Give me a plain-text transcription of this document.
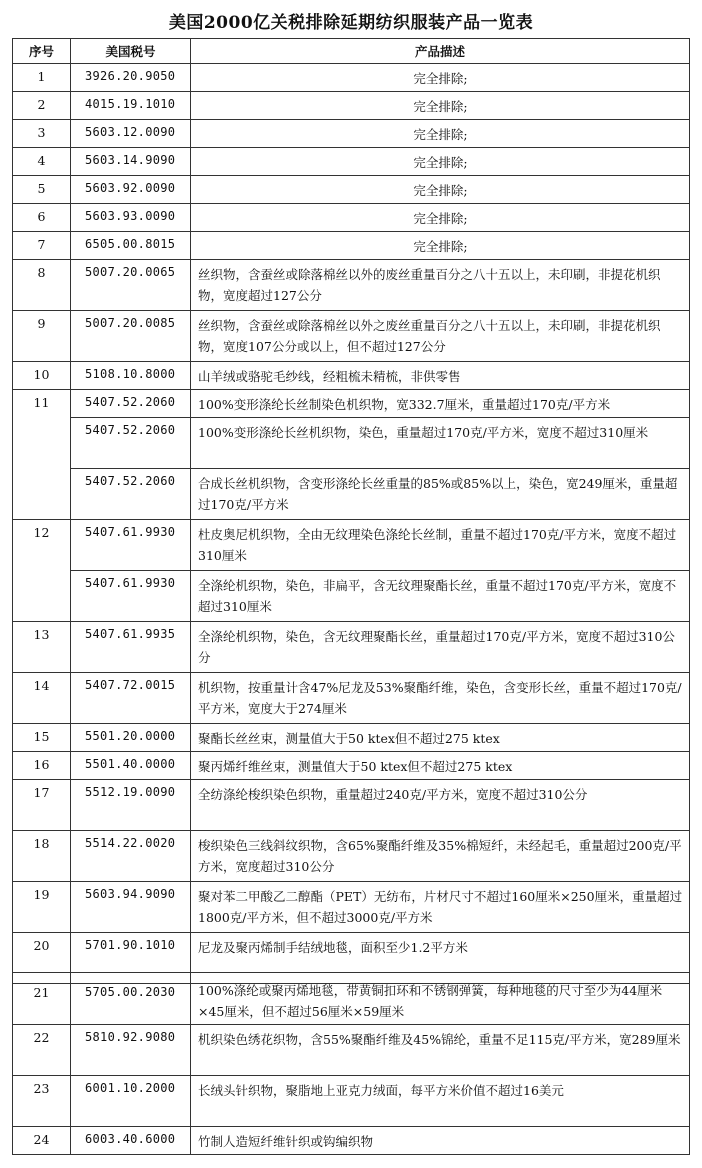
美国2000亿关税排除延期纺织服装产品一览表
序号	美国税号	产品描述
1	3926.20.9050	完全排除;
2	4015.19.1010	完全排除;
3	5603.12.0090	完全排除;
4	5603.14.9090	完全排除;
5	5603.92.0090	完全排除;
6	5603.93.0090	完全排除;
7	6505.00.8015	完全排除;
8	5007.20.0065	丝织物，含蚕丝或除落棉丝以外的废丝重量百分之八十五以上，未印刷，非提花机织物，宽度超过127公分
9	5007.20.0085	丝织物，含蚕丝或除落棉丝以外之废丝重量百分之八十五以上，未印刷，非提花机织物，宽度107公分或以上，但不超过127公分
10	5108.10.8000	山羊绒或骆驼毛纱线，经粗梳未精梳，非供零售
11	5407.52.2060	100%变形涤纶长丝制染色机织物，宽332.7厘米，重量超过170克/平方米
	5407.52.2060	100%变形涤纶长丝机织物，染色，重量超过170克/平方米，宽度不超过310厘米
	5407.52.2060	合成长丝机织物，含变形涤纶长丝重量的85%或85%以上，染色，宽249厘米，重量超过170克/平方米
12	5407.61.9930	杜皮奥尼机织物，全由无纹理染色涤纶长丝制，重量不超过170克/平方米，宽度不超过310厘米
	5407.61.9930	全涤纶机织物，染色，非扁平，含无纹理聚酯长丝，重量不超过170克/平方米，宽度不超过310厘米
13	5407.61.9935	全涤纶机织物，染色，含无纹理聚酯长丝，重量超过170克/平方米，宽度不超过310公分
14	5407.72.0015	机织物，按重量计含47%尼龙及53%聚酯纤维，染色，含变形长丝，重量不超过170克/平方米，宽度大于274厘米
15	5501.20.0000	聚酯长丝丝束，测量值大于50 ktex但不超过275 ktex
16	5501.40.0000	聚丙烯纤维丝束，测量值大于50 ktex但不超过275 ktex
17	5512.19.0090	全纺涤纶梭织染色织物，重量超过240克/平方米，宽度不超过310公分
18	5514.22.0020	梭织染色三线斜纹织物，含65%聚酯纤维及35%棉短纤，未经起毛，重量超过200克/平方米，宽度超过310公分
19	5603.94.9090	聚对苯二甲酸乙二醇酯（PET）无纺布，片材尺寸不超过160厘米×250厘米，重量超过1800克/平方米，但不超过3000克/平方米
20	5701.90.1010	尼龙及聚丙烯制手结绒地毯，面积至少1.2平方米
21	5705.00.2030	100%涤纶或聚丙烯地毯，带黄铜扣环和不锈钢弹簧，每种地毯的尺寸至少为44厘米×45厘米，但不超过56厘米×59厘米
22	5810.92.9080	机织染色绣花织物，含55%聚酯纤维及45%锦纶，重量不足115克/平方米，宽289厘米
23	6001.10.2000	长绒头针织物，聚脂地上亚克力绒面，每平方米价值不超过16美元
24	6003.40.6000	竹制人造短纤维针织或钩编织物
